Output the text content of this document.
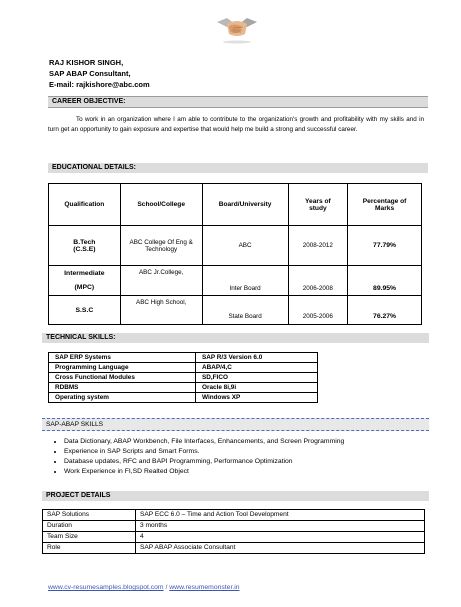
RAJ KISHOR SINGH,
SAP ABAP Consultant,
E-mail: rajkishore@abc.com
CAREER OBJECTIVE:
To work in an organization where I am able to contribute to the organization's growth and profitability with my skills and in turn get an opportunity to gain exposure and expertise that would help me build a strong and successful career.
EDUCATIONAL DETAILS:
Qualification	School/College	Board/University	Years of study	Percentage of Marks
B.Tech (C.S.E)	ABC College Of Eng & Technology	ABC	2008-2012	77.79%
Intermediate (MPC)	ABC Jr.College,	Inter Board	2006-2008	89.95%
S.S.C	ABC High School,	State Board	2005-2006	76.27%
TECHNICAL SKILLS:
SAP ERP Systems	SAP R/3 Version 6.0
Programming Language	ABAP/4,C
Cross Functional Modules	SD,FICO
RDBMS	Oracle 8i,9i
Operating system	Windows XP
SAP-ABAP SKILLS
• Data Dictionary, ABAP Workbench, File Interfaces, Enhancements, and Screen Programming
• Experience in SAP Scripts and Smart Forms.
• Database updates, RFC and BAPI Programming, Performance Optimization
• Work Experience in FI,SD Realted Object
PROJECT DETAILS
SAP Solutions	SAP ECC 6.0 – Time and Action Tool Development
Duration	3 months
Team Size	4
Role	SAP ABAP Associate Consultant
www.cv-resumesamples.blogspot.com / www.resumemonster.in
